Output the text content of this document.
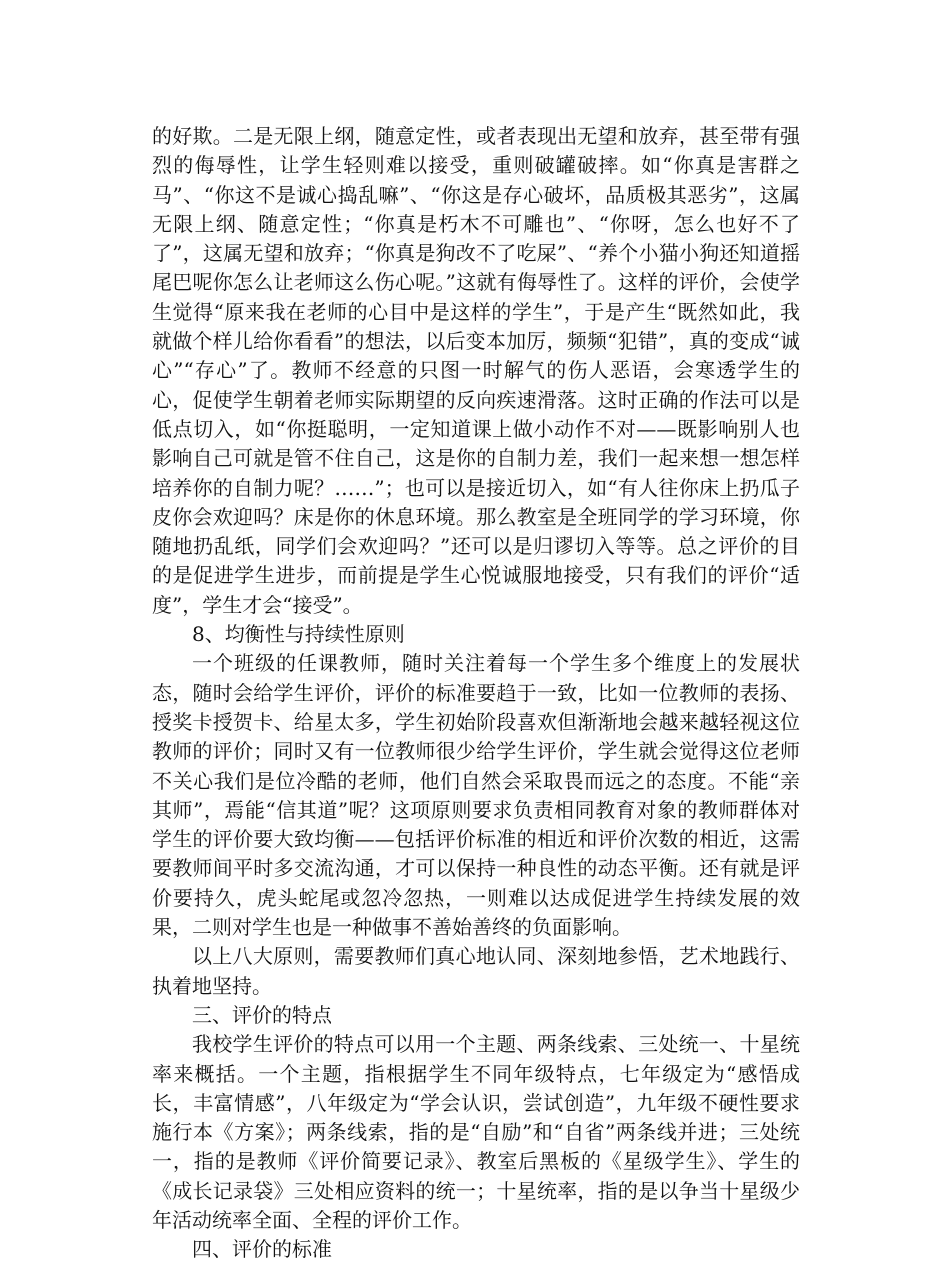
的好欺。二是无限上纲，随意定性，或者表现出无望和放弃，甚至带有强烈的侮辱性，让学生轻则难以接受，重则破罐破摔。如“你真是害群之马”、“你这不是诚心捣乱嘛”、“你这是存心破坏，品质极其恶劣”，这属无限上纲、随意定性；“你真是朽木不可雕也”、“你呀，怎么也好不了了”，这属无望和放弃；“你真是狗改不了吃屎”、“养个小猫小狗还知道摇尾巴呢你怎么让老师这么伤心呢。”这就有侮辱性了。这样的评价，会使学生觉得“原来我在老师的心目中是这样的学生”，于是产生“既然如此，我就做个样儿给你看看”的想法，以后变本加厉，频频“犯错”，真的变成“诚心”“存心”了。教师不经意的只图一时解气的伤人恶语，会寒透学生的心，促使学生朝着老师实际期望的反向疾速滑落。这时正确的作法可以是低点切入，如“你挺聪明，一定知道课上做小动作不对——既影响别人也影响自己可就是管不住自己，这是你的自制力差，我们一起来想一想怎样培养你的自制力呢？……”；也可以是接近切入，如“有人往你床上扔瓜子皮你会欢迎吗？床是你的休息环境。那么教室是全班同学的学习环境，你随地扔乱纸，同学们会欢迎吗？”还可以是归谬切入等等。总之评价的目的是促进学生进步，而前提是学生心悦诚服地接受，只有我们的评价“适度”，学生才会“接受”。

8、均衡性与持续性原则

一个班级的任课教师，随时关注着每一个学生多个维度上的发展状态，随时会给学生评价，评价的标准要趋于一致，比如一位教师的表扬、授奖卡授贺卡、给星太多，学生初始阶段喜欢但渐渐地会越来越轻视这位教师的评价；同时又有一位教师很少给学生评价，学生就会觉得这位老师不关心我们是位冷酷的老师，他们自然会采取畏而远之的态度。不能“亲其师”，焉能“信其道”呢？这项原则要求负责相同教育对象的教师群体对学生的评价要大致均衡——包括评价标准的相近和评价次数的相近，这需要教师间平时多交流沟通，才可以保持一种良性的动态平衡。还有就是评价要持久，虎头蛇尾或忽冷忽热，一则难以达成促进学生持续发展的效果，二则对学生也是一种做事不善始善终的负面影响。

以上八大原则，需要教师们真心地认同、深刻地参悟，艺术地践行、执着地坚持。

三、评价的特点

我校学生评价的特点可以用一个主题、两条线索、三处统一、十星统率来概括。一个主题，指根据学生不同年级特点，七年级定为“感悟成长，丰富情感”，八年级定为“学会认识，尝试创造”，九年级不硬性要求施行本《方案》；两条线索，指的是“自励”和“自省”两条线并进；三处统一，指的是教师《评价简要记录》、教室后黑板的《星级学生》、学生的《成长记录袋》三处相应资料的统一；十星统率，指的是以争当十星级少年活动统率全面、全程的评价工作。

四、评价的标准
